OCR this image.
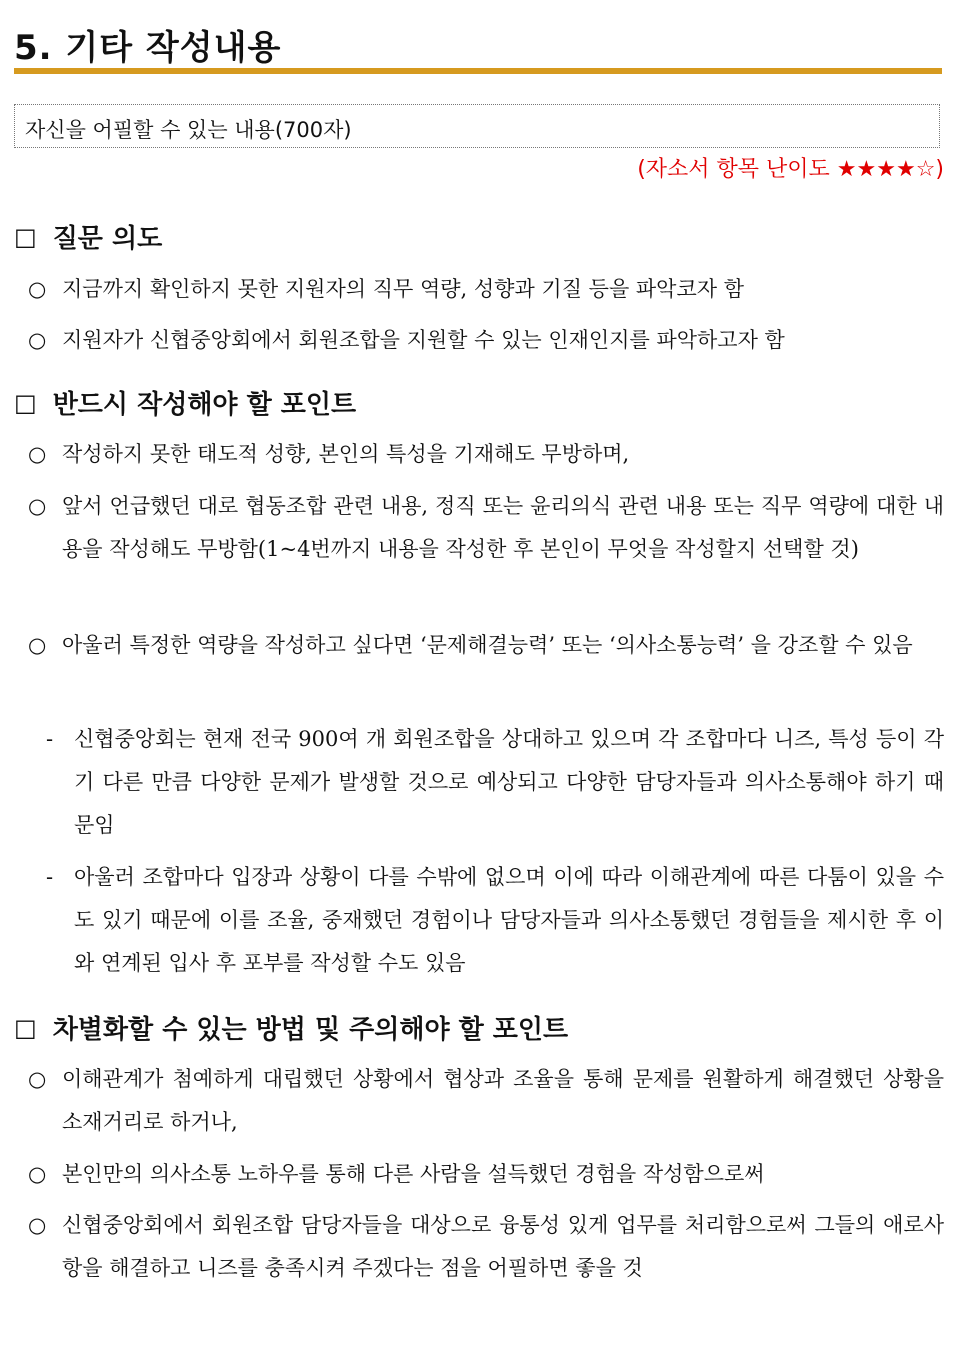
5. 기타 작성내용
자신을 어필할 수 있는 내용(700자)
(자소서 항목 난이도 ★★★★☆)
□ 질문 의도
○ 지금까지 확인하지 못한 지원자의 직무 역량, 성향과 기질 등을 파악코자 함
○ 지원자가 신협중앙회에서 회원조합을 지원할 수 있는 인재인지를 파악하고자 함
□ 반드시 작성해야 할 포인트
○ 작성하지 못한 태도적 성향, 본인의 특성을 기재해도 무방하며,
○ 앞서 언급했던 대로 협동조합 관련 내용, 정직 또는 윤리의식 관련 내용 또는 직무 역량에 대한 내용을 작성해도 무방함(1~4번까지 내용을 작성한 후 본인이 무엇을 작성할지 선택할 것)
○ 아울러 특정한 역량을 작성하고 싶다면 ‘문제해결능력’ 또는 ‘의사소통능력’ 을 강조할 수 있음
- 신협중앙회는 현재 전국 900여 개 회원조합을 상대하고 있으며 각 조합마다 니즈, 특성 등이 각기 다른 만큼 다양한 문제가 발생할 것으로 예상되고 다양한 담당자들과 의사소통해야 하기 때문임
- 아울러 조합마다 입장과 상황이 다를 수밖에 없으며 이에 따라 이해관계에 따른 다툼이 있을 수도 있기 때문에 이를 조율, 중재했던 경험이나 담당자들과 의사소통했던 경험들을 제시한 후 이와 연계된 입사 후 포부를 작성할 수도 있음
□ 차별화할 수 있는 방법 및 주의해야 할 포인트
○ 이해관계가 첨예하게 대립했던 상황에서 협상과 조율을 통해 문제를 원활하게 해결했던 상황을 소재거리로 하거나,
○ 본인만의 의사소통 노하우를 통해 다른 사람을 설득했던 경험을 작성함으로써
○ 신협중앙회에서 회원조합 담당자들을 대상으로 융통성 있게 업무를 처리함으로써 그들의 애로사항을 해결하고 니즈를 충족시켜 주겠다는 점을 어필하면 좋을 것
